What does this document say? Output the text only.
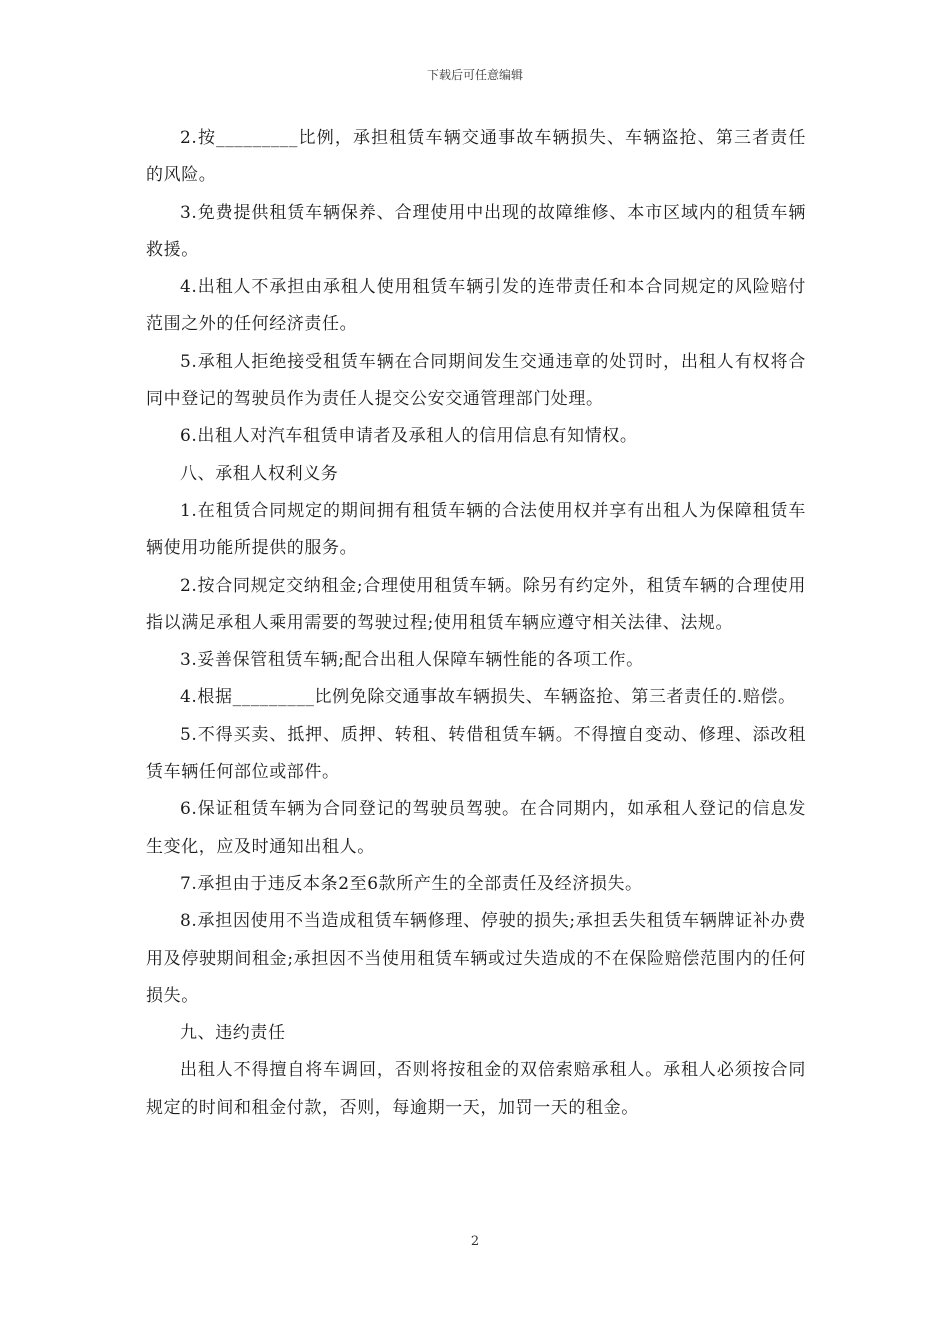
下载后可任意编辑

2.按_________比例，承担租赁车辆交通事故车辆损失、车辆盗抢、第三者责任的风险。

3.免费提供租赁车辆保养、合理使用中出现的故障维修、本市区域内的租赁车辆救援。

4.出租人不承担由承租人使用租赁车辆引发的连带责任和本合同规定的风险赔付范围之外的任何经济责任。

5.承租人拒绝接受租赁车辆在合同期间发生交通违章的处罚时，出租人有权将合同中登记的驾驶员作为责任人提交公安交通管理部门处理。

6.出租人对汽车租赁申请者及承租人的信用信息有知情权。

八、承租人权利义务

1.在租赁合同规定的期间拥有租赁车辆的合法使用权并享有出租人为保障租赁车辆使用功能所提供的服务。

2.按合同规定交纳租金;合理使用租赁车辆。除另有约定外，租赁车辆的合理使用指以满足承租人乘用需要的驾驶过程;使用租赁车辆应遵守相关法律、法规。

3.妥善保管租赁车辆;配合出租人保障车辆性能的各项工作。

4.根据_________比例免除交通事故车辆损失、车辆盗抢、第三者责任的.赔偿。

5.不得买卖、抵押、质押、转租、转借租赁车辆。不得擅自变动、修理、添改租赁车辆任何部位或部件。

6.保证租赁车辆为合同登记的驾驶员驾驶。在合同期内，如承租人登记的信息发生变化，应及时通知出租人。

7.承担由于违反本条2至6款所产生的全部责任及经济损失。

8.承担因使用不当造成租赁车辆修理、停驶的损失;承担丢失租赁车辆牌证补办费用及停驶期间租金;承担因不当使用租赁车辆或过失造成的不在保险赔偿范围内的任何损失。

九、违约责任

出租人不得擅自将车调回，否则将按租金的双倍索赔承租人。承租人必须按合同规定的时间和租金付款，否则，每逾期一天，加罚一天的租金。

2
